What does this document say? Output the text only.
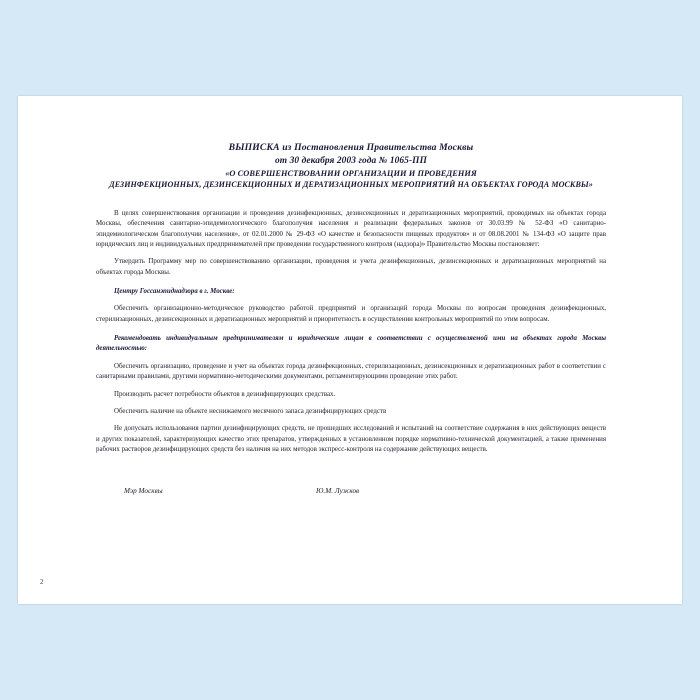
ВЫПИСКА из Постановления Правительства Москвы
от 30 декабря 2003 года № 1065-ПП
«О СОВЕРШЕНСТВОВАНИИ ОРГАНИЗАЦИИ И ПРОВЕДЕНИЯ
ДЕЗИНФЕКЦИОННЫХ, ДЕЗИНСЕКЦИОННЫХ И ДЕРАТИЗАЦИОННЫХ МЕРОПРИЯТИЙ НА ОБЪЕКТАХ ГОРОДА МОСКВЫ»

В целях совершенствования организации и проведения дезинфекционных, дезинсекционных и дератизационных мероприятий, проводимых на объектах города Москвы, обеспечения санитарно-эпидемиологического благополучия населения и реализации федеральных законов от 30.03.99 № 52-ФЗ «О санитарно-эпидемиологическом благополучии населения», от 02.01.2000 № 29-ФЗ «О качестве и безопасности пищевых продуктов» и от 08.08.2001 № 134-ФЗ «О защите прав юридических лиц и индивидуальных предпринимателей при проведении государственного контроля (надзора)» Правительство Москвы постановляет:

Утвердить Программу мер по совершенствованию организации, проведения и учета дезинфекционных, дезинсекционных и дератизационных мероприятий на объектах города Москвы.

Центру Госсанэпиднадзора в г. Москве:

Обеспечить организационно-методическое руководство работой предприятий и организаций города Москвы по вопросам проведения дезинфекционных, стерилизационных, дезинсекционных и дератизационных мероприятий и приоритетность в осуществлении контрольных мероприятий по этим вопросам.

Рекомендовать индивидуальным предпринимателям и юридическим лицам в соответствии с осуществляемой ими на объектах города Москвы деятельностью:

Обеспечить организацию, проведение и учет на объектах города дезинфекционных, стерилизационных, дезинсекционных и дератизационных работ в соответствии с санитарными правилами, другими нормативно-методическими документами, регламентирующими проведение этих работ.

Производить расчет потребности объектов в дезинфицирующих средствах.

Обеспечить наличие на объекте неснижаемого месячного запаса дезинфицирующих средств

Не допускать использования партии дезинфицирующих средств, не прошедших исследований и испытаний на соответствие содержания в них действующих веществ и других показателей, характеризующих качество этих препаратов, утвержденных в установленном порядке нормативно-технической документацией, а также применения рабочих растворов дезинфицирующих средств без наличия на них методов экспресс-контроля на содержание действующих веществ.

Мэр Москвы	Ю.М. Лужков
2
